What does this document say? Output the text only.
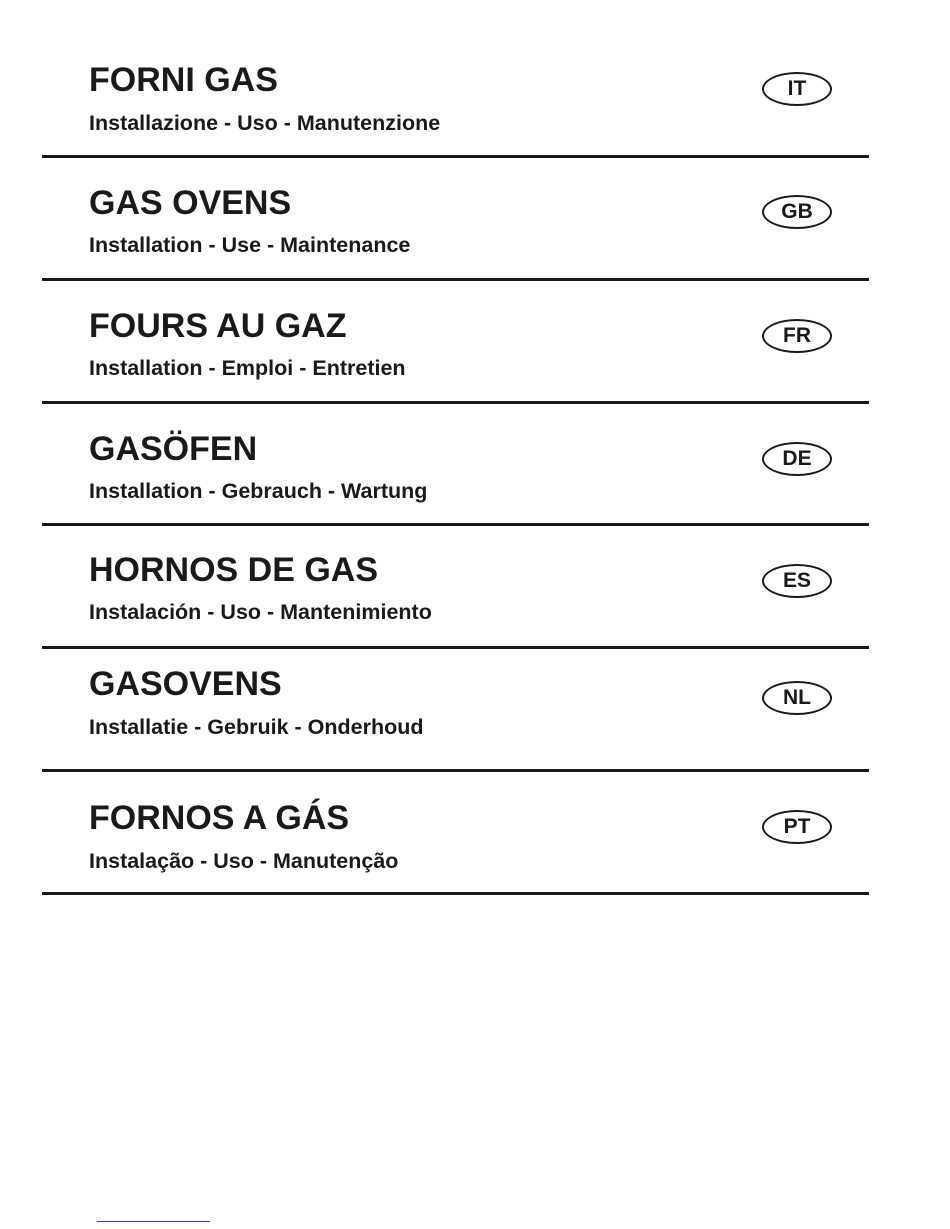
FORNI GAS
Installazione - Uso - Manutenzione
IT
GAS OVENS
Installation - Use - Maintenance
GB
FOURS AU GAZ
Installation - Emploi - Entretien
FR
GASÖFEN
Installation - Gebrauch - Wartung
DE
HORNOS DE GAS
Instalación - Uso - Mantenimiento
ES
GASOVENS
Installatie - Gebruik - Onderhoud
NL
FORNOS A GÁS
Instalação - Uso - Manutenção
PT
